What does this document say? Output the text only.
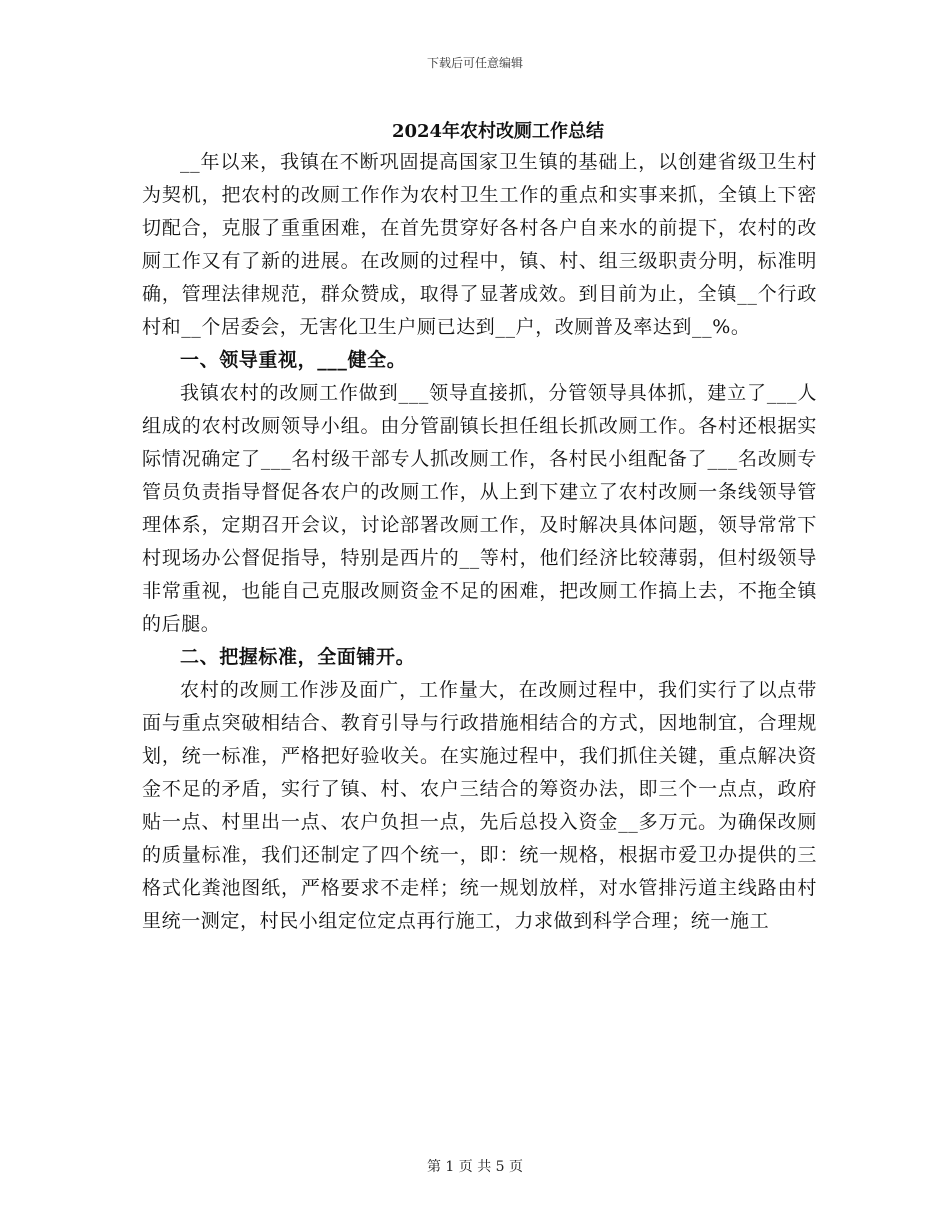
下载后可任意编辑
2024年农村改厕工作总结

__年以来，我镇在不断巩固提高国家卫生镇的基础上，以创建省级卫生村为契机，把农村的改厕工作作为农村卫生工作的重点和实事来抓，全镇上下密切配合，克服了重重困难，在首先贯穿好各村各户自来水的前提下，农村的改厕工作又有了新的进展。在改厕的过程中，镇、村、组三级职责分明，标准明确，管理法律规范，群众赞成，取得了显著成效。到目前为止，全镇__个行政村和__个居委会，无害化卫生户厕已达到__户，改厕普及率达到__%。

一、领导重视，___健全。

我镇农村的改厕工作做到___领导直接抓，分管领导具体抓，建立了___人组成的农村改厕领导小组。由分管副镇长担任组长抓改厕工作。各村还根据实际情况确定了___名村级干部专人抓改厕工作，各村民小组配备了___名改厕专管员负责指导督促各农户的改厕工作，从上到下建立了农村改厕一条线领导管理体系，定期召开会议，讨论部署改厕工作，及时解决具体问题，领导常常下村现场办公督促指导，特别是西片的__等村，他们经济比较薄弱，但村级领导非常重视，也能自己克服改厕资金不足的困难，把改厕工作搞上去，不拖全镇的后腿。

二、把握标准，全面铺开。

农村的改厕工作涉及面广，工作量大，在改厕过程中，我们实行了以点带面与重点突破相结合、教育引导与行政措施相结合的方式，因地制宜，合理规划，统一标准，严格把好验收关。在实施过程中，我们抓住关键，重点解决资金不足的矛盾，实行了镇、村、农户三结合的筹资办法，即三个一点点，政府贴一点、村里出一点、农户负担一点，先后总投入资金__多万元。为确保改厕的质量标准，我们还制定了四个统一，即：统一规格，根据市爱卫办提供的三格式化粪池图纸，严格要求不走样；统一规划放样，对水管排污道主线路由村里统一测定，村民小组定位定点再行施工，力求做到科学合理；统一施工

第 1 页 共 5 页
